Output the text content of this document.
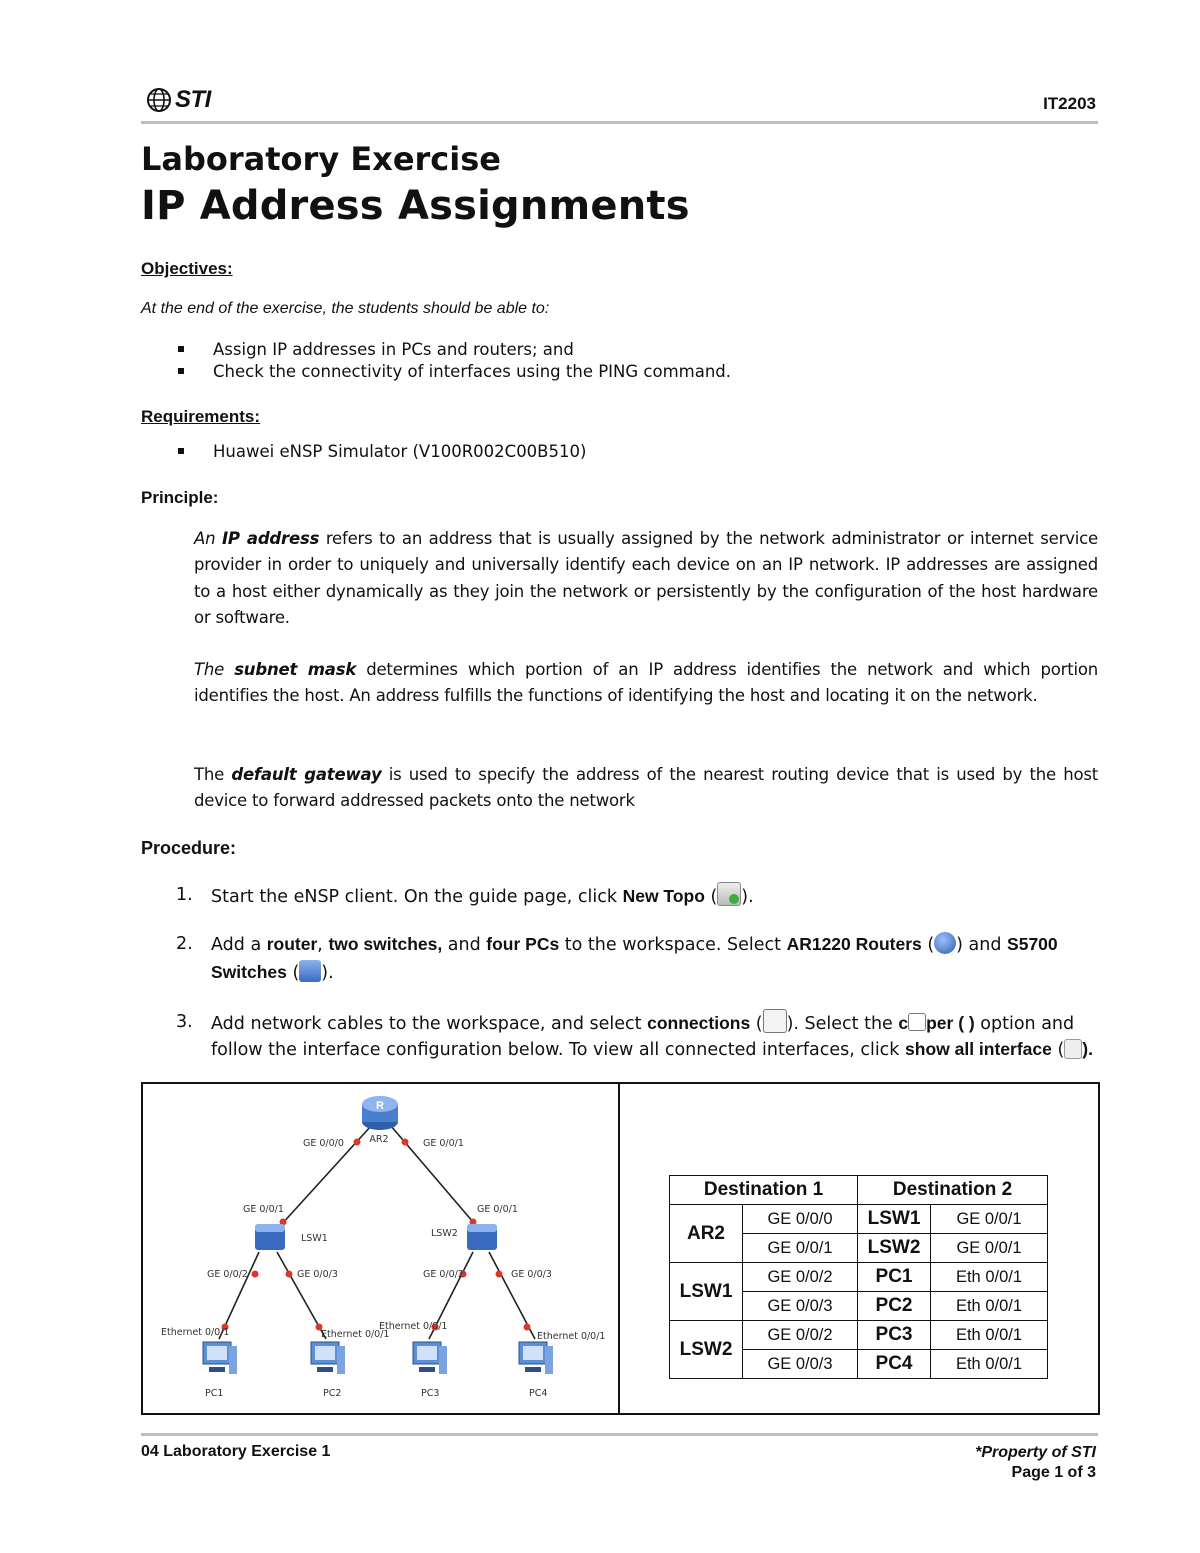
STI	IT2203
Laboratory Exercise
IP Address Assignments
Objectives:
At the end of the exercise, the students should be able to:
Assign IP addresses in PCs and routers; and
Check the connectivity of interfaces using the PING command.
Requirements:
Huawei eNSP Simulator (V100R002C00B510)
Principle:

An IP address refers to an address that is usually assigned by the network administrator or internet service provider in order to uniquely and universally identify each device on an IP network. IP addresses are assigned to a host either dynamically as they join the network or persistently by the configuration of the host hardware or software.

The subnet mask determines which portion of an IP address identifies the network and which portion identifies the host. An address fulfills the functions of identifying the host and locating it on the network.

The default gateway is used to specify the address of the nearest routing device that is used by the host device to forward addressed packets onto the network

Procedure:
1. Start the eNSP client. On the guide page, click New Topo ( ).
2. Add a router, two switches, and four PCs to the workspace. Select AR1220 Routers ( ) and S5700 Switches ( ).
3. Add network cables to the workspace, and select connections ( ). Select the c per ( ) option and follow the interface configuration below. To view all connected interfaces, click show all interface ( ).
R
AR2
GE 0/0/0	GE 0/0/1
GE 0/0/1	GE 0/0/1
LSW1	LSW2
GE 0/0/2	GE 0/0/3	GE 0/0/2	GE 0/0/3
Ethernet 0/0/1	Ethernet 0/0/1
Ethernet 0/0/1
Ethernet 0/0/1
PC1	PC2	PC3	PC4
Destination 1		Destination 2	
AR2	GE 0/0/0	LSW1	GE 0/0/1
	GE 0/0/1	LSW2	GE 0/0/1
LSW1	GE 0/0/2	PC1	Eth 0/0/1
	GE 0/0/3	PC2	Eth 0/0/1
LSW2	GE 0/0/2	PC3	Eth 0/0/1
	GE 0/0/3	PC4	Eth 0/0/1
04 Laboratory Exercise 1	*Property of STI
Page 1 of 3
